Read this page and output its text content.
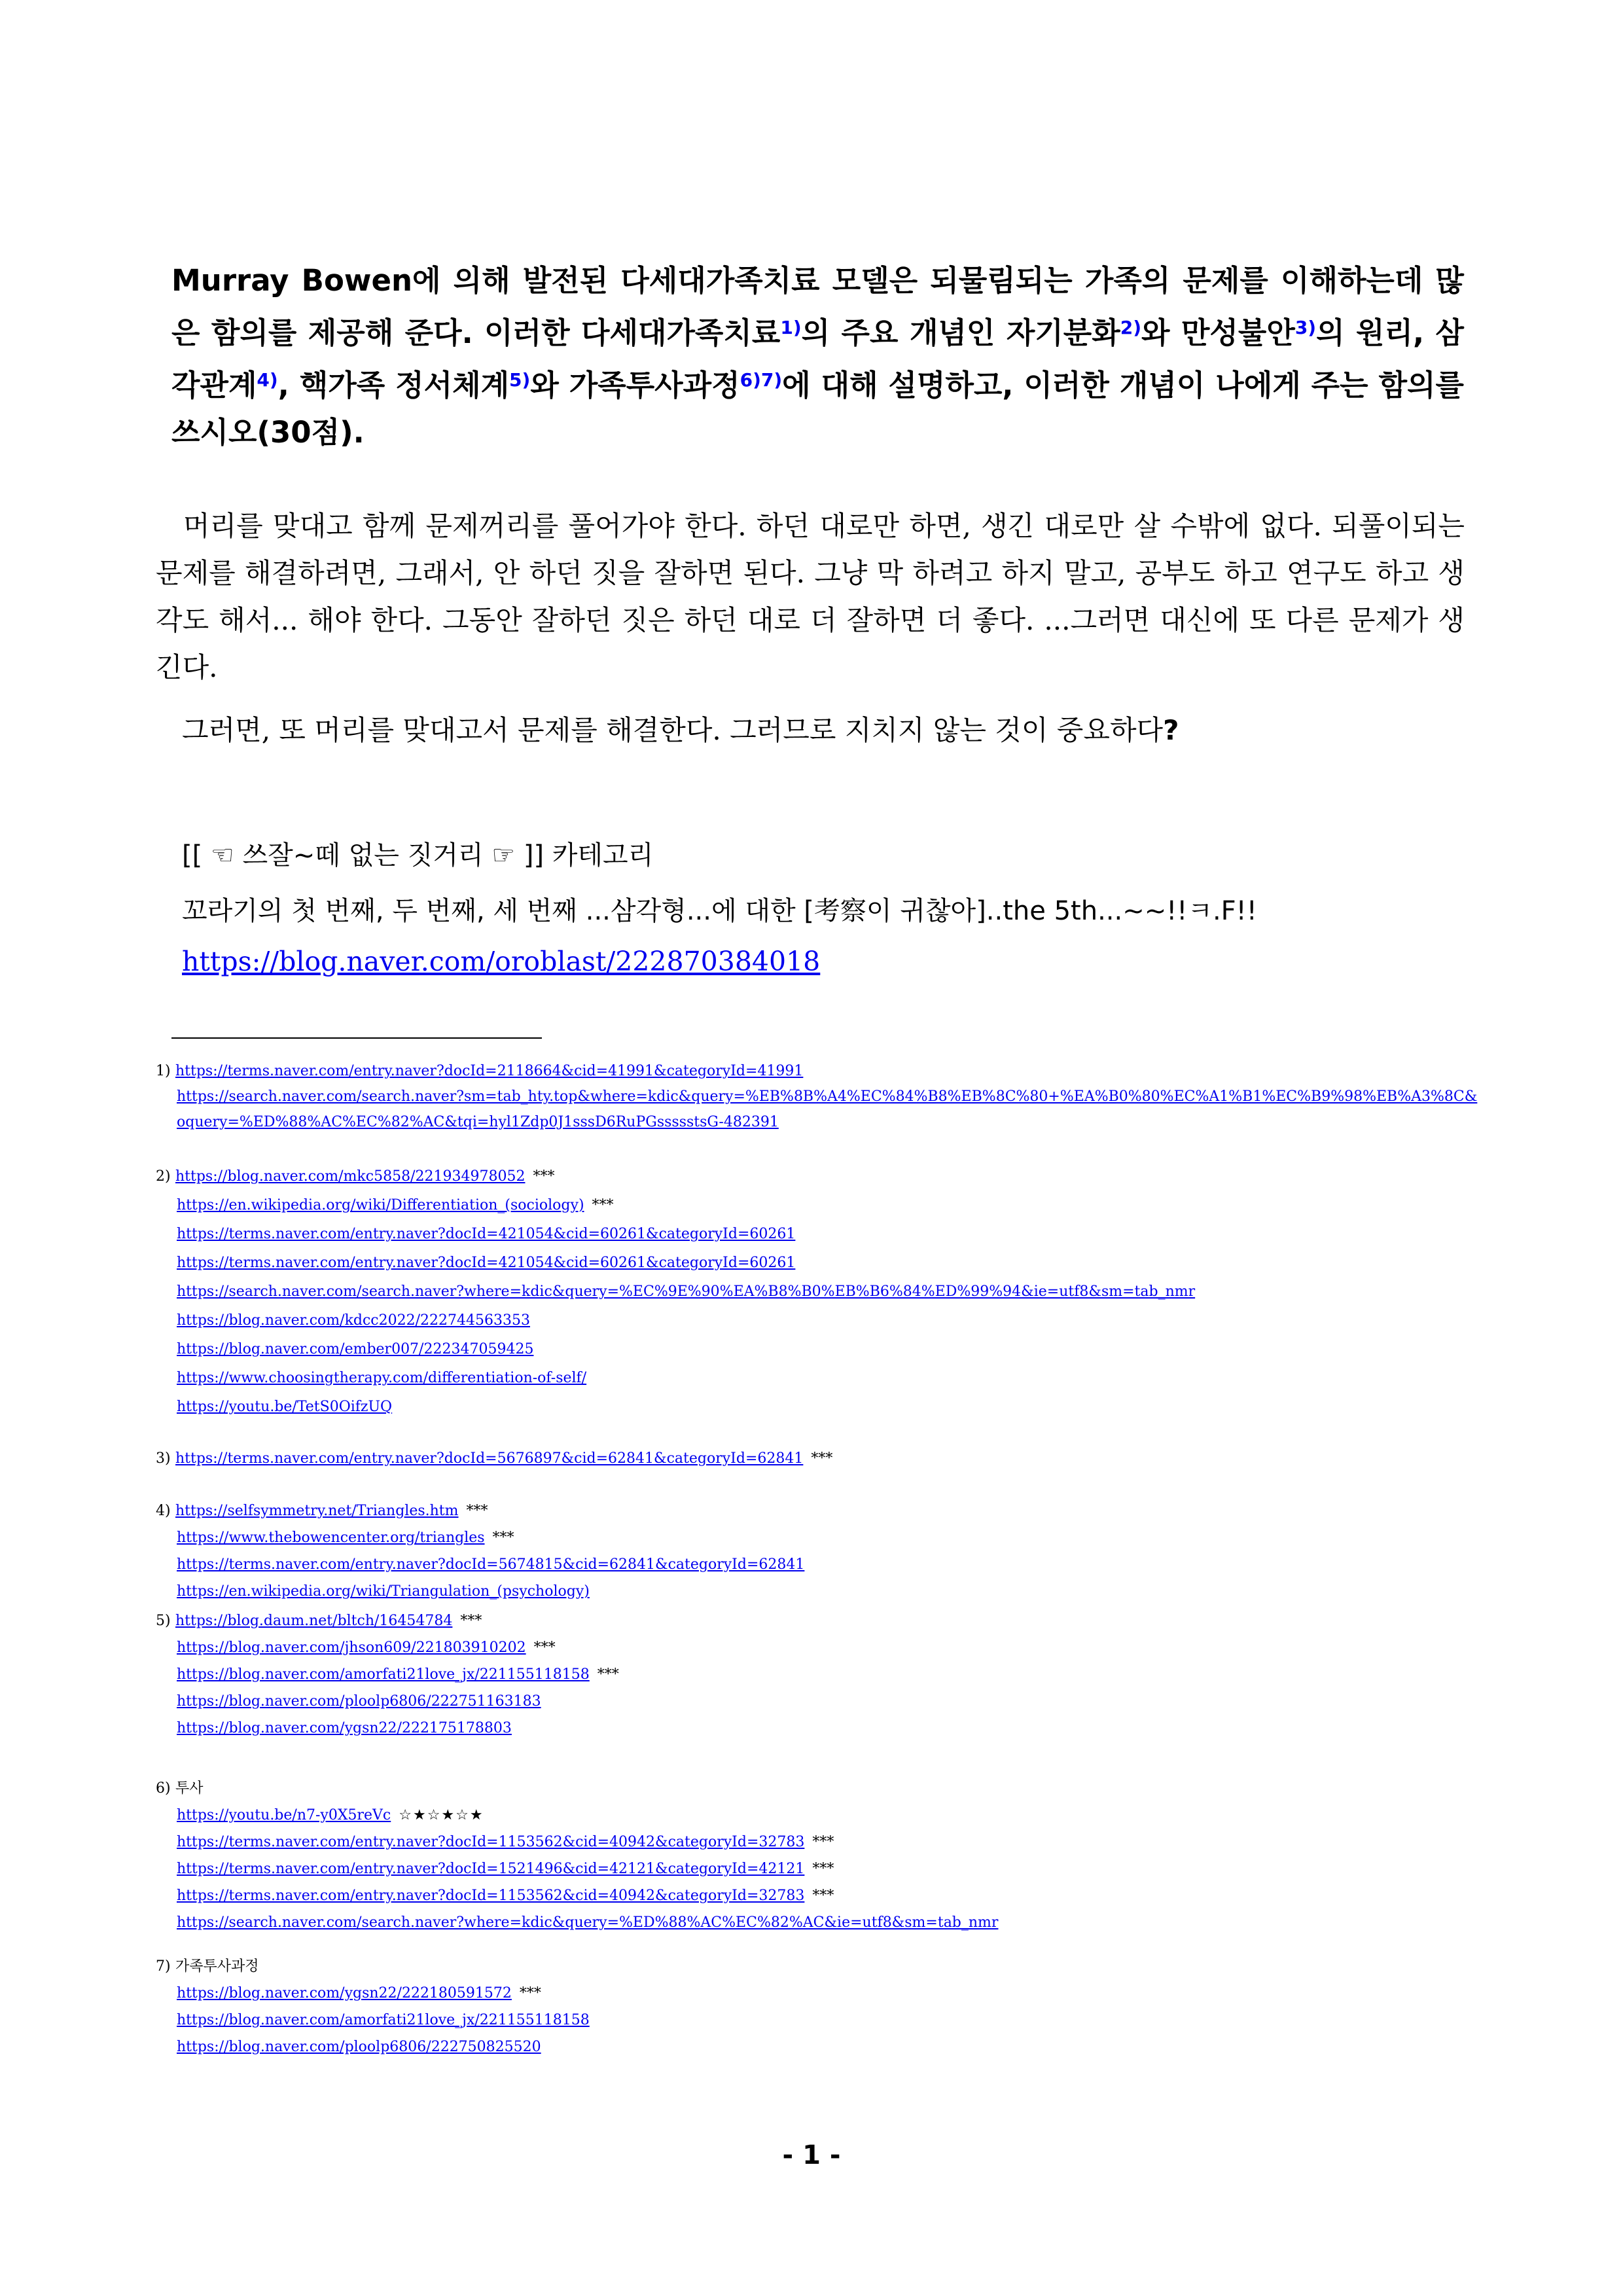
Murray Bowen에 의해 발전된 다세대가족치료 모델은 되물림되는 가족의 문제를 이해하는데 많은 함의를 제공해 준다. 이러한 다세대가족치료$^{1)}$의 주요 개념인 자기분화$^{2)}$와 만성불안$^{3)}$의 원리, 삼각관계$^{4)}$, 핵가족 정서체계$^{5)}$와 가족투사과정$^{6)7)}$에 대해 설명하고, 이러한 개념이 나에게 주는 함의를 쓰시오(30점).

머리를 맞대고 함께 문제꺼리를 풀어가야 한다. 하던 대로만 하면, 생긴 대로만 살 수밖에 없다. 되풀이되는 문제를 해결하려면, 그래서, 안 하던 짓을 잘하면 된다. 그냥 막 하려고 하지 말고, 공부도 하고 연구도 하고 생각도 해서... 해야 한다. 그동안 잘하던 짓은 하던 대로 더 잘하면 더 좋다. ...그러면 대신에 또 다른 문제가 생긴다.

그러면, 또 머리를 맞대고서 문제를 해결한다. 그러므로 지치지 않는 것이 중요하다?

[[ ☜ 쓰잘~떼 없는 짓거리 ☞ ]] 카테고리

꼬라기의 첫 번째, 두 번째, 세 번째 ...삼각형...에 대한 [考察이 귀찮아]..the 5th...~~!!ㅋ.F!!

https://blog.naver.com/oroblast/222870384018

1) https://terms.naver.com/entry.naver?docId=2118664&cid=41991&categoryId=41991
https://search.naver.com/search.naver?sm=tab_hty.top&where=kdic&query=%EB%8B%A4%EC%84%B8%EB%8C%80+%EA%B0%80%EC%A1%B1%EC%B9%98%EB%A3%8C&oquery=%ED%88%AC%EC%82%AC&tqi=hyl1Zdp0J1sssD6RuPGssssstsG-482391
2) https://blog.naver.com/mkc5858/221934978052 ***
https://en.wikipedia.org/wiki/Differentiation_(sociology) ***
https://terms.naver.com/entry.naver?docId=421054&cid=60261&categoryId=60261
https://terms.naver.com/entry.naver?docId=421054&cid=60261&categoryId=60261
https://search.naver.com/search.naver?where=kdic&query=%EC%9E%90%EA%B8%B0%EB%B6%84%ED%99%94&ie=utf8&sm=tab_nmr
https://blog.naver.com/kdcc2022/222744563353
https://blog.naver.com/ember007/222347059425
https://www.choosingtherapy.com/differentiation-of-self/
https://youtu.be/TetS0OifzUQ
3) https://terms.naver.com/entry.naver?docId=5676897&cid=62841&categoryId=62841 ***
4) https://selfsymmetry.net/Triangles.htm ***
https://www.thebowencenter.org/triangles ***
https://terms.naver.com/entry.naver?docId=5674815&cid=62841&categoryId=62841
https://en.wikipedia.org/wiki/Triangulation_(psychology)
5) https://blog.daum.net/bltch/16454784 ***
https://blog.naver.com/jhson609/221803910202 ***
https://blog.naver.com/amorfati21love_jx/221155118158 ***
https://blog.naver.com/ploolp6806/222751163183
https://blog.naver.com/ygsn22/222175178803
6) 투사
https://youtu.be/n7-y0X5reVc ☆★☆★☆★
https://terms.naver.com/entry.naver?docId=1153562&cid=40942&categoryId=32783 ***
https://terms.naver.com/entry.naver?docId=1521496&cid=42121&categoryId=42121 ***
https://terms.naver.com/entry.naver?docId=1153562&cid=40942&categoryId=32783 ***
https://search.naver.com/search.naver?where=kdic&query=%ED%88%AC%EC%82%AC&ie=utf8&sm=tab_nmr
7) 가족투사과정
https://blog.naver.com/ygsn22/222180591572 ***
https://blog.naver.com/amorfati21love_jx/221155118158
https://blog.naver.com/ploolp6806/222750825520
- 1 -
